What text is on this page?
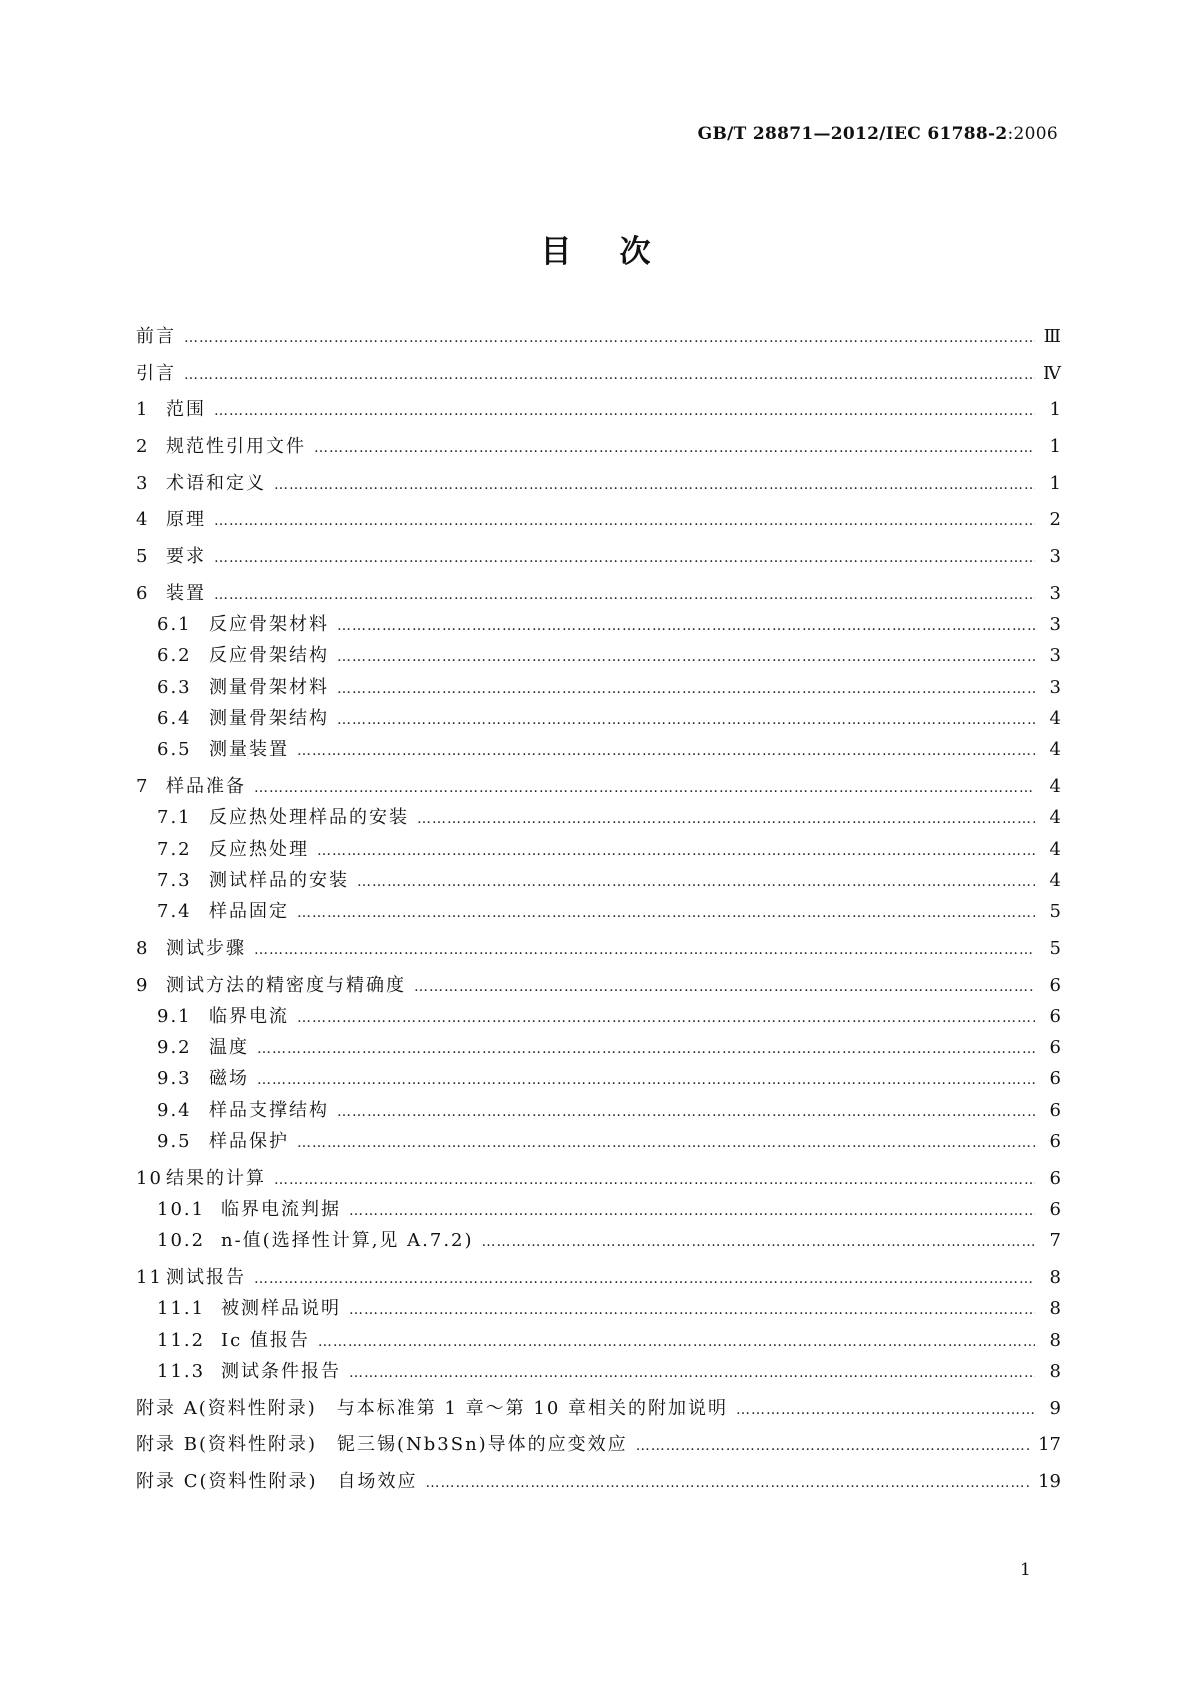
GB/T 28871—2012/IEC 61788-2:2006
目次
前言 ………………………………………………………………………………………………………………………………………………………………………………………………………………………………………………	Ⅲ
引言 ………………………………………………………………………………………………………………………………………………………………………………………………………………………………………………	Ⅳ
1 范围 ………………………………………………………………………………………………………………………………………………………………………………………………………………………………………………	1
2 规范性引用文件 ………………………………………………………………………………………………………………………………………………………………………………………………………………………………………………	1
3 术语和定义 ………………………………………………………………………………………………………………………………………………………………………………………………………………………………………………	1
4 原理 ………………………………………………………………………………………………………………………………………………………………………………………………………………………………………………	2
5 要求 ………………………………………………………………………………………………………………………………………………………………………………………………………………………………………………	3
6 装置 ………………………………………………………………………………………………………………………………………………………………………………………………………………………………………………	3
6.1 反应骨架材料 ………………………………………………………………………………………………………………………………………………………………………………………………………………………………………………	3
6.2 反应骨架结构 ………………………………………………………………………………………………………………………………………………………………………………………………………………………………………………	3
6.3 测量骨架材料 ………………………………………………………………………………………………………………………………………………………………………………………………………………………………………………	3
6.4 测量骨架结构 ………………………………………………………………………………………………………………………………………………………………………………………………………………………………………………	4
6.5 测量装置 ………………………………………………………………………………………………………………………………………………………………………………………………………………………………………………	4
7 样品准备 ………………………………………………………………………………………………………………………………………………………………………………………………………………………………………………	4
7.1 反应热处理样品的安装 ………………………………………………………………………………………………………………………………………………………………………………………………………………………………………………	4
7.2 反应热处理 ………………………………………………………………………………………………………………………………………………………………………………………………………………………………………………	4
7.3 测试样品的安装 ………………………………………………………………………………………………………………………………………………………………………………………………………………………………………………	4
7.4 样品固定 ………………………………………………………………………………………………………………………………………………………………………………………………………………………………………………	5
8 测试步骤 ………………………………………………………………………………………………………………………………………………………………………………………………………………………………………………	5
9 测试方法的精密度与精确度 ………………………………………………………………………………………………………………………………………………………………………………………………………………………………………………	6
9.1 临界电流 ………………………………………………………………………………………………………………………………………………………………………………………………………………………………………………	6
9.2 温度 ………………………………………………………………………………………………………………………………………………………………………………………………………………………………………………	6
9.3 磁场 ………………………………………………………………………………………………………………………………………………………………………………………………………………………………………………	6
9.4 样品支撑结构 ………………………………………………………………………………………………………………………………………………………………………………………………………………………………………………	6
9.5 样品保护 ………………………………………………………………………………………………………………………………………………………………………………………………………………………………………………	6
10 结果的计算 ………………………………………………………………………………………………………………………………………………………………………………………………………………………………………………	6
10.1 临界电流判据 ………………………………………………………………………………………………………………………………………………………………………………………………………………………………………………	6
10.2 n-值(选择性计算,见 A.7.2) ………………………………………………………………………………………………………………………………………………………………………………………………………………………………………………	7
11 测试报告 ………………………………………………………………………………………………………………………………………………………………………………………………………………………………………………	8
11.1 被测样品说明 ………………………………………………………………………………………………………………………………………………………………………………………………………………………………………………	8
11.2 Ic 值报告 ………………………………………………………………………………………………………………………………………………………………………………………………………………………………………………	8
11.3 测试条件报告 ………………………………………………………………………………………………………………………………………………………………………………………………………………………………………………	8
附录 A(资料性附录)　与本标准第 1 章～第 10 章相关的附加说明 ………………………………………………………………………………………………………………………………………………………………………………………………………………………………………………	9
附录 B(资料性附录)　铌三锡(Nb3Sn)导体的应变效应 ………………………………………………………………………………………………………………………………………………………………………………………………………………………………………………	17
附录 C(资料性附录)　自场效应 ………………………………………………………………………………………………………………………………………………………………………………………………………………………………………………	19
1
